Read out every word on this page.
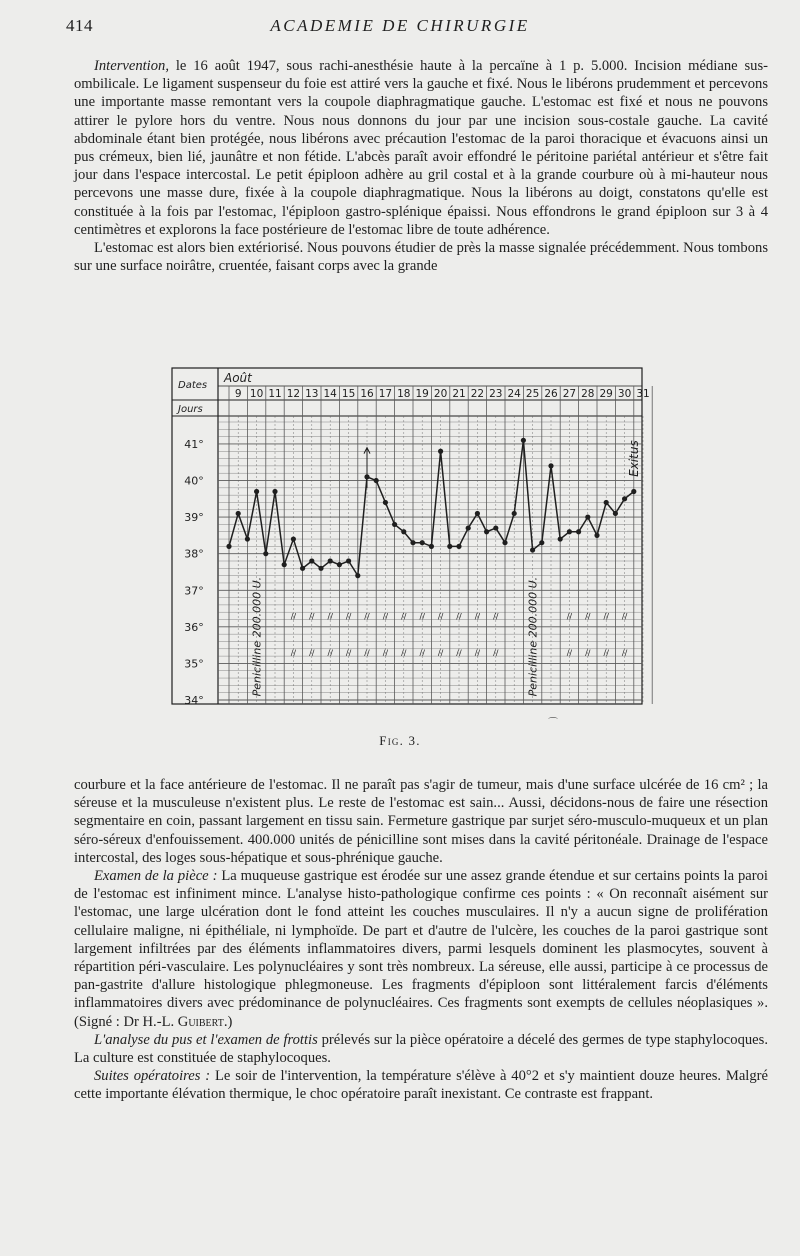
414	ACADEMIE DE CHIRURGIE

Intervention, le 16 août 1947, sous rachi-anesthésie haute à la percaïne à 1 p. 5.000. Incision médiane sus-ombilicale. Le ligament suspenseur du foie est attiré vers la gauche et fixé. Nous le libérons prudemment et percevons une importante masse remontant vers la coupole diaphragmatique gauche. L'estomac est fixé et nous ne pouvons attirer le pylore hors du ventre. Nous nous donnons du jour par une incision sous-costale gauche. La cavité abdominale étant bien protégée, nous libérons avec précaution l'estomac de la paroi thoracique et évacuons ainsi un pus crémeux, bien lié, jaunâtre et non fétide. L'abcès paraît avoir effondré le péritoine pariétal antérieur et s'être fait jour dans l'espace intercostal. Le petit épiploon adhère au gril costal et à la grande courbure où à mi-hauteur nous percevons une masse dure, fixée à la coupole diaphragmatique. Nous la libérons au doigt, constatons qu'elle est constituée à la fois par l'estomac, l'épiploon gastro-splénique épaissi. Nous effondrons le grand épiploon sur 3 à 4 centimètres et explorons la face postérieure de l'estomac libre de toute adhérence.

L'estomac est alors bien extériorisé. Nous pouvons étudier de près la masse signalée précédemment. Nous tombons sur une surface noirâtre, cruentée, faisant corps avec la grande

Dates
Jours
Août
9 10 11 12 13 14 15 16 17 18 19 20 21 22 23 24 25 26 27 28 29 30 31
41°
40°
39°
38°
37°
36°
35°
34°
// // // // // // // // // // // //	// // // //
// // // // // // // // // // // //	// // // //
Penicilline 200.000 U.	Penicilline 200.000 U.
Exitus
⌒
Fig. 3.

courbure et la face antérieure de l'estomac. Il ne paraît pas s'agir de tumeur, mais d'une surface ulcérée de 16 cm² ; la séreuse et la musculeuse n'existent plus. Le reste de l'estomac est sain... Aussi, décidons-nous de faire une résection segmentaire en coin, passant largement en tissu sain. Fermeture gastrique par surjet séro-musculo-muqueux et un plan séro-séreux d'enfouissement. 400.000 unités de pénicilline sont mises dans la cavité péritonéale. Drainage de l'espace intercostal, des loges sous-hépatique et sous-phrénique gauche.

Examen de la pièce : La muqueuse gastrique est érodée sur une assez grande étendue et sur certains points la paroi de l'estomac est infiniment mince. L'analyse histo-pathologique confirme ces points : « On reconnaît aisément sur l'estomac, une large ulcération dont le fond atteint les couches musculaires. Il n'y a aucun signe de prolifération cellulaire maligne, ni épithéliale, ni lymphoïde. De part et d'autre de l'ulcère, les couches de la paroi gastrique sont largement infiltrées par des éléments inflammatoires divers, parmi lesquels dominent les plasmocytes, souvent à répartition péri-vasculaire. Les polynucléaires y sont très nombreux. La séreuse, elle aussi, participe à ce processus de pan-gastrite d'allure histologique phlegmoneuse. Les fragments d'épiploon sont littéralement farcis d'éléments inflammatoires divers avec prédominance de polynucléaires. Ces fragments sont exempts de cellules néoplasiques ». (Signé : Dr H.-L. Guibert.)

L'analyse du pus et l'examen de frottis prélevés sur la pièce opératoire a décelé des germes de type staphylocoques. La culture est constituée de staphylocoques.

Suites opératoires : Le soir de l'intervention, la température s'élève à 40°2 et s'y maintient douze heures. Malgré cette importante élévation thermique, le choc opératoire paraît inexistant. Ce contraste est frappant.
